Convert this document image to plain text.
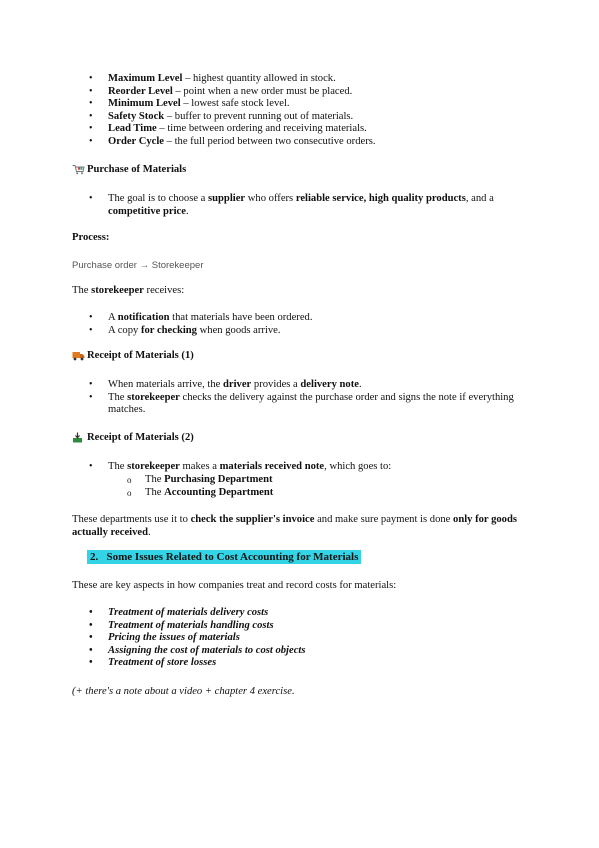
• Maximum Level – highest quantity allowed in stock.
• Reorder Level – point when a new order must be placed.
• Minimum Level – lowest safe stock level.
• Safety Stock – buffer to prevent running out of materials.
• Lead Time – time between ordering and receiving materials.
• Order Cycle – the full period between two consecutive orders.
Purchase of Materials
• The goal is to choose a supplier who offers reliable service, high quality products, and a competitive price.
Process:
Purchase order → Storekeeper
The storekeeper receives:
• A notification that materials have been ordered.
• A copy for checking when goods arrive.
Receipt of Materials (1)
• When materials arrive, the driver provides a delivery note.
• The storekeeper checks the delivery against the purchase order and signs the note if everything matches.
Receipt of Materials (2)
• The storekeeper makes a materials received note, which goes to:
o The Purchasing Department
o The Accounting Department
These departments use it to check the supplier's invoice and make sure payment is done only for goods actually received.
2. Some Issues Related to Cost Accounting for Materials
These are key aspects in how companies treat and record costs for materials:
• Treatment of materials delivery costs
• Treatment of materials handling costs
• Pricing the issues of materials
• Assigning the cost of materials to cost objects
• Treatment of store losses
(+ there's a note about a video + chapter 4 exercise.
